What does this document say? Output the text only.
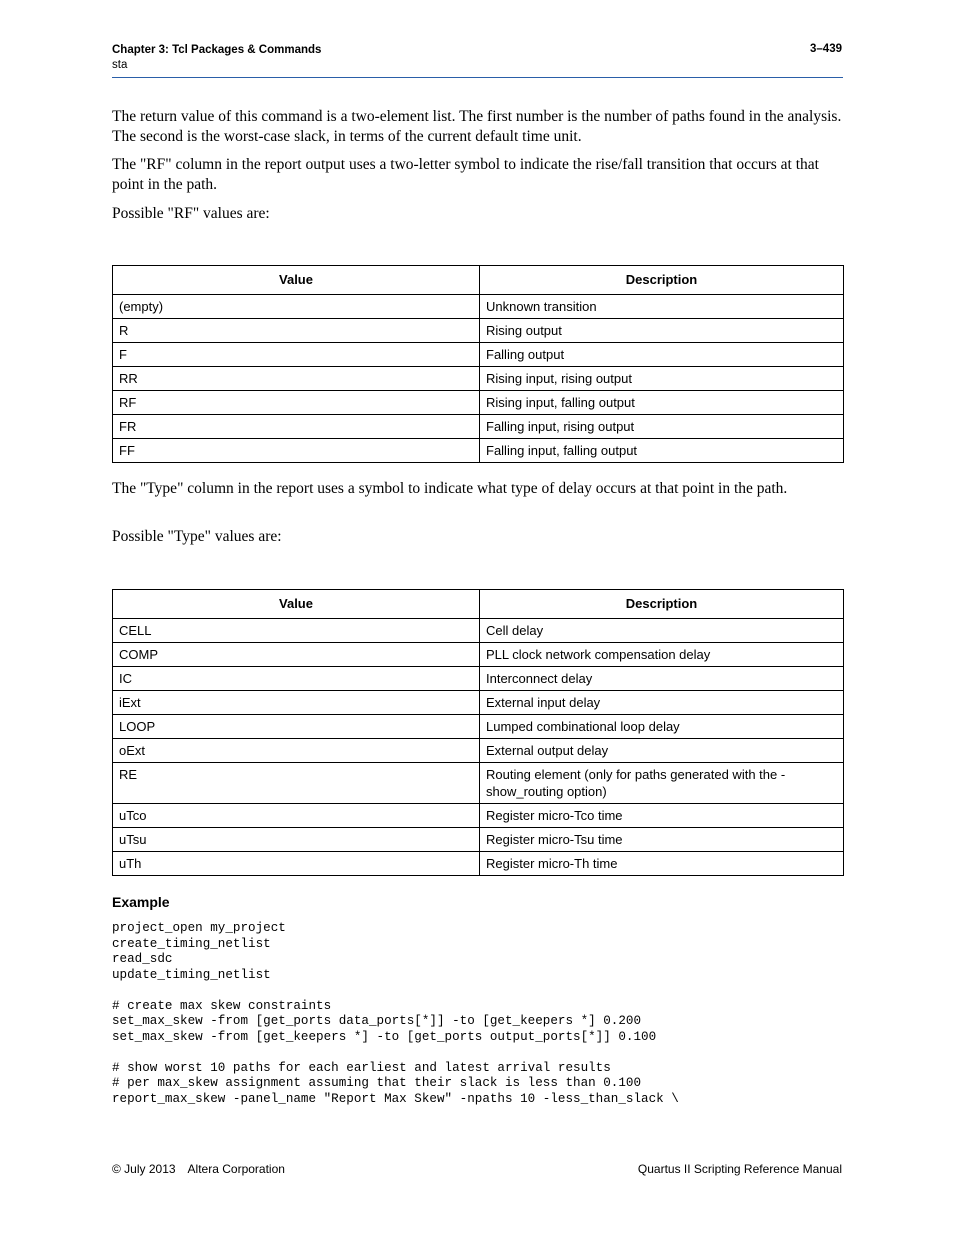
Chapter 3: Tcl Packages & Commands
sta
3–439

The return value of this command is a two-element list. The first number is the number of paths found in the analysis. The second is the worst-case slack, in terms of the current default time unit.

The "RF" column in the report output uses a two-letter symbol to indicate the rise/fall transition that occurs at that point in the path.

Possible "RF" values are:

Value	Description
(empty)	Unknown transition
R	Rising output
F	Falling output
RR	Rising input, rising output
RF	Rising input, falling output
FR	Falling input, rising output
FF	Falling input, falling output

The "Type" column in the report uses a symbol to indicate what type of delay occurs at that point in the path.

Possible "Type" values are:

Value	Description
CELL	Cell delay
COMP	PLL clock network compensation delay
IC	Interconnect delay
iExt	External input delay
LOOP	Lumped combinational loop delay
oExt	External output delay
RE	Routing element (only for paths generated with the -show_routing option)
uTco	Register micro-Tco time
uTsu	Register micro-Tsu time
uTh	Register micro-Th time
Example
project_open my_project
create_timing_netlist
read_sdc
update_timing_netlist

# create max skew constraints
set_max_skew -from [get_ports data_ports[*]] -to [get_keepers *] 0.200
set_max_skew -from [get_keepers *] -to [get_ports output_ports[*]] 0.100

# show worst 10 paths for each earliest and latest arrival results
# per max_skew assignment assuming that their slack is less than 0.100
report_max_skew -panel_name "Report Max Skew" -npaths 10 -less_than_slack \
© July 2013 Altera Corporation	Quartus II Scripting Reference Manual
